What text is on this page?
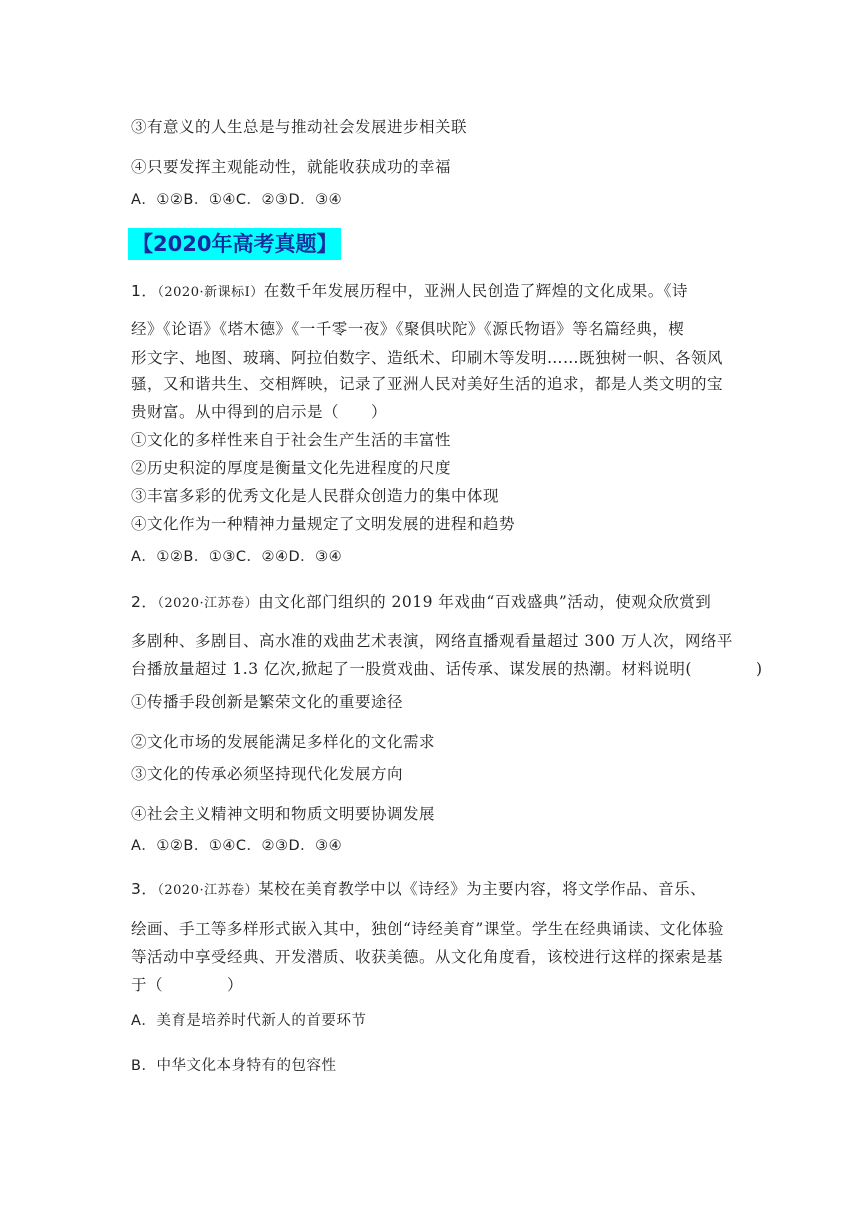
③有意义的人生总是与推动社会发展进步相关联
④只要发挥主观能动性，就能收获成功的幸福
A．①②B．①④C．②③D．③④
【2020年高考真题】
1．（2020·新课标Ⅰ）在数千年发展历程中，亚洲人民创造了辉煌的文化成果。《诗
经》《论语》《塔木德》《一千零一夜》《聚俱吠陀》《源氏物语》等名篇经典，楔
形文字、地图、玻璃、阿拉伯数字、造纸术、印刷木等发明……既独树一帜、各领风
骚，又和谐共生、交相辉映，记录了亚洲人民对美好生活的追求，都是人类文明的宝
贵财富。从中得到的启示是（　　）
①文化的多样性来自于社会生产生活的丰富性
②历史积淀的厚度是衡量文化先进程度的尺度
③丰富多彩的优秀文化是人民群众创造力的集中体现
④文化作为一种精神力量规定了文明发展的进程和趋势
A．①②B．①③C．②④D．③④
2．（2020·江苏卷）由文化部门组织的 2019 年戏曲“百戏盛典”活动，使观众欣赏到
多剧种、多剧目、高水准的戏曲艺术表演，网络直播观看量超过 300 万人次，网络平
台播放量超过 1.3 亿次,掀起了一股赏戏曲、话传承、谋发展的热潮。材料说明(　　　　)
①传播手段创新是繁荣文化的重要途径
②文化市场的发展能满足多样化的文化需求
③文化的传承必须坚持现代化发展方向
④社会主义精神文明和物质文明要协调发展
A．①②B．①④C．②③D．③④
3．（2020·江苏卷）某校在美育教学中以《诗经》为主要内容，将文学作品、音乐、
绘画、手工等多样形式嵌入其中，独创“诗经美育”课堂。学生在经典诵读、文化体验
等活动中享受经典、开发潜质、收获美德。从文化角度看，该校进行这样的探索是基
于（　　　　）
A．美育是培养时代新人的首要环节
B．中华文化本身特有的包容性
